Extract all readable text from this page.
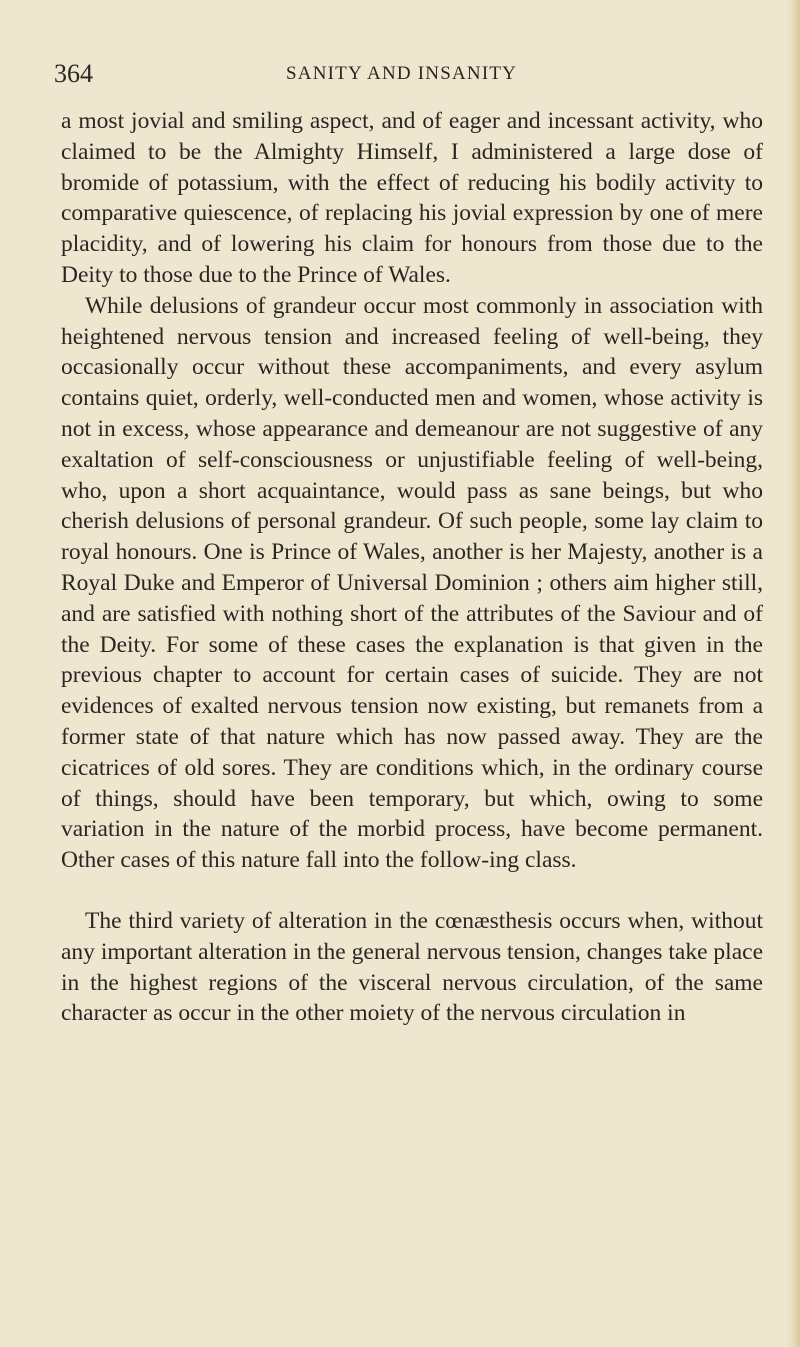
364	SANITY AND INSANITY

a most jovial and smiling aspect, and of eager and incessant activity, who claimed to be the Almighty Himself, I administered a large dose of bromide of potassium, with the effect of reducing his bodily activity to comparative quiescence, of replacing his jovial expression by one of mere placidity, and of lowering his claim for honours from those due to the Deity to those due to the Prince of Wales.

While delusions of grandeur occur most commonly in association with heightened nervous tension and increased feeling of well-being, they occasionally occur without these accompaniments, and every asylum contains quiet, orderly, well-conducted men and women, whose activity is not in excess, whose appearance and demeanour are not suggestive of any exaltation of self-consciousness or unjustifiable feeling of well-being, who, upon a short acquaintance, would pass as sane beings, but who cherish delusions of personal grandeur. Of such people, some lay claim to royal honours. One is Prince of Wales, another is her Majesty, another is a Royal Duke and Emperor of Universal Dominion ; others aim higher still, and are satisfied with nothing short of the attributes of the Saviour and of the Deity. For some of these cases the explanation is that given in the previous chapter to account for certain cases of suicide. They are not evidences of exalted nervous tension now existing, but remanets from a former state of that nature which has now passed away. They are the cicatrices of old sores. They are conditions which, in the ordinary course of things, should have been temporary, but which, owing to some variation in the nature of the morbid process, have become permanent. Other cases of this nature fall into the follow-ing class.

The third variety of alteration in the cœnæsthesis occurs when, without any important alteration in the general nervous tension, changes take place in the highest regions of the visceral nervous circulation, of the same character as occur in the other moiety of the nervous circulation in
